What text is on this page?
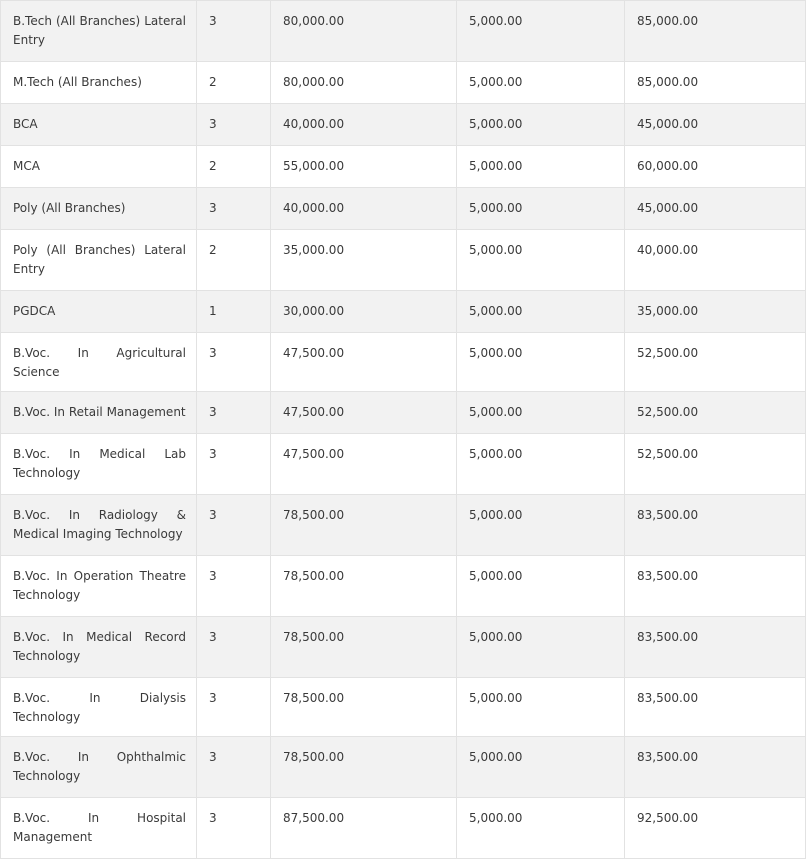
B.Tech (All Branches) Lateral Entry	3	80,000.00	5,000.00	85,000.00
M.Tech (All Branches)	2	80,000.00	5,000.00	85,000.00
BCA	3	40,000.00	5,000.00	45,000.00
MCA	2	55,000.00	5,000.00	60,000.00
Poly (All Branches)	3	40,000.00	5,000.00	45,000.00
Poly (All Branches) Lateral Entry	2	35,000.00	5,000.00	40,000.00
PGDCA	1	30,000.00	5,000.00	35,000.00
B.Voc. In Agricultural Science	3	47,500.00	5,000.00	52,500.00
B.Voc. In Retail Management	3	47,500.00	5,000.00	52,500.00
B.Voc. In Medical Lab Technology	3	47,500.00	5,000.00	52,500.00
B.Voc. In Radiology & Medical Imaging Technology	3	78,500.00	5,000.00	83,500.00
B.Voc. In Operation Theatre Technology	3	78,500.00	5,000.00	83,500.00
B.Voc. In Medical Record Technology	3	78,500.00	5,000.00	83,500.00
B.Voc. In Dialysis Technology	3	78,500.00	5,000.00	83,500.00
B.Voc. In Ophthalmic Technology	3	78,500.00	5,000.00	83,500.00
B.Voc. In Hospital Management	3	87,500.00	5,000.00	92,500.00
